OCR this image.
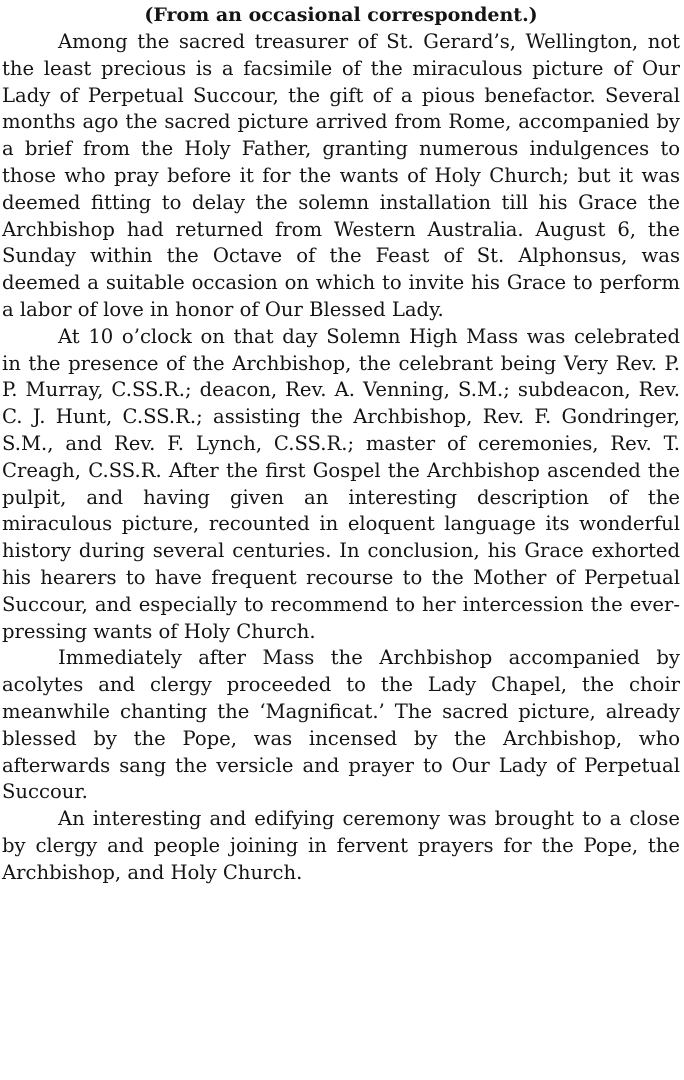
(From an occasional correspondent.)

Among the sacred treasurer of St. Gerard’s, Wellington, not the least precious is a facsimile of the miraculous picture of Our Lady of Perpetual Succour, the gift of a pious benefactor. Several months ago the sacred picture arrived from Rome, accompanied by a brief from the Holy Father, granting numerous indulgences to those who pray before it for the wants of Holy Church; but it was deemed fitting to delay the solemn installation till his Grace the Archbishop had returned from Western Australia. August 6, the Sunday within the Octave of the Feast of St. Alphonsus, was deemed a suitable occasion on which to invite his Grace to perform a labor of love in honor of Our Blessed Lady.

At 10 o’clock on that day Solemn High Mass was celebrated in the presence of the Archbishop, the celebrant being Very Rev. P. P. Murray, C.SS.R.; deacon, Rev. A. Venning, S.M.; subdeacon, Rev. C. J. Hunt, C.SS.R.; assisting the Archbishop, Rev. F. Gondringer, S.M., and Rev. F. Lynch, C.SS.R.; master of ceremonies, Rev. T. Creagh, C.SS.R. After the first Gospel the Archbishop ascended the pulpit, and having given an interesting description of the miraculous picture, recounted in eloquent language its wonderful history during several centuries. In conclusion, his Grace exhorted his hearers to have frequent recourse to the Mother of Perpetual Succour, and especially to recommend to her intercession the ever-pressing wants of Holy Church.

Immediately after Mass the Archbishop accompanied by acolytes and clergy proceeded to the Lady Chapel, the choir meanwhile chanting the ‘Magnificat.’ The sacred picture, already blessed by the Pope, was incensed by the Archbishop, who afterwards sang the versicle and prayer to Our Lady of Perpetual Succour.

An interesting and edifying ceremony was brought to a close by clergy and people joining in fervent prayers for the Pope, the Archbishop, and Holy Church.
